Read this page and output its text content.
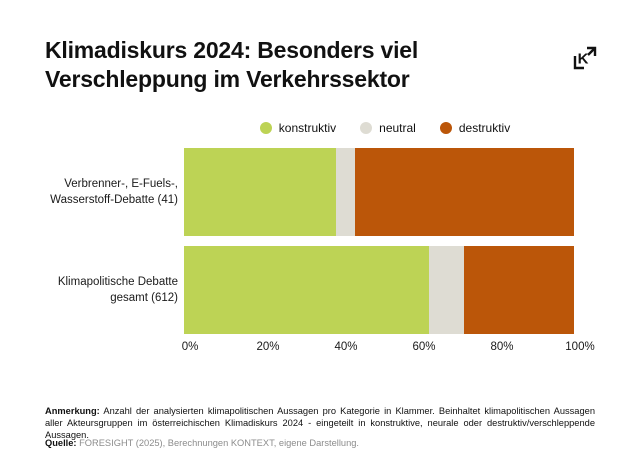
Klimadiskurs 2024: Besonders viel
Verschleppung im Verkehrssektor
K
konstruktiv	neutral	destruktiv
Verbrenner-, E-Fuels-,
Wasserstoff-Debatte (41)
Klimapolitische Debatte
gesamt (612)
0%	20%	40%	60%	80%	100%

Anmerkung: Anzahl der analysierten klimapolitischen Aussagen pro Kategorie in Klammer. Beinhaltet klimapolitischen Aussagen aller Akteursgruppen im österreichischen Klimadiskurs 2024 - eingeteilt in konstruktive, neurale oder destruktiv/verschleppende Aussagen.

Quelle: FORESIGHT (2025), Berechnungen KONTEXT, eigene Darstellung.
